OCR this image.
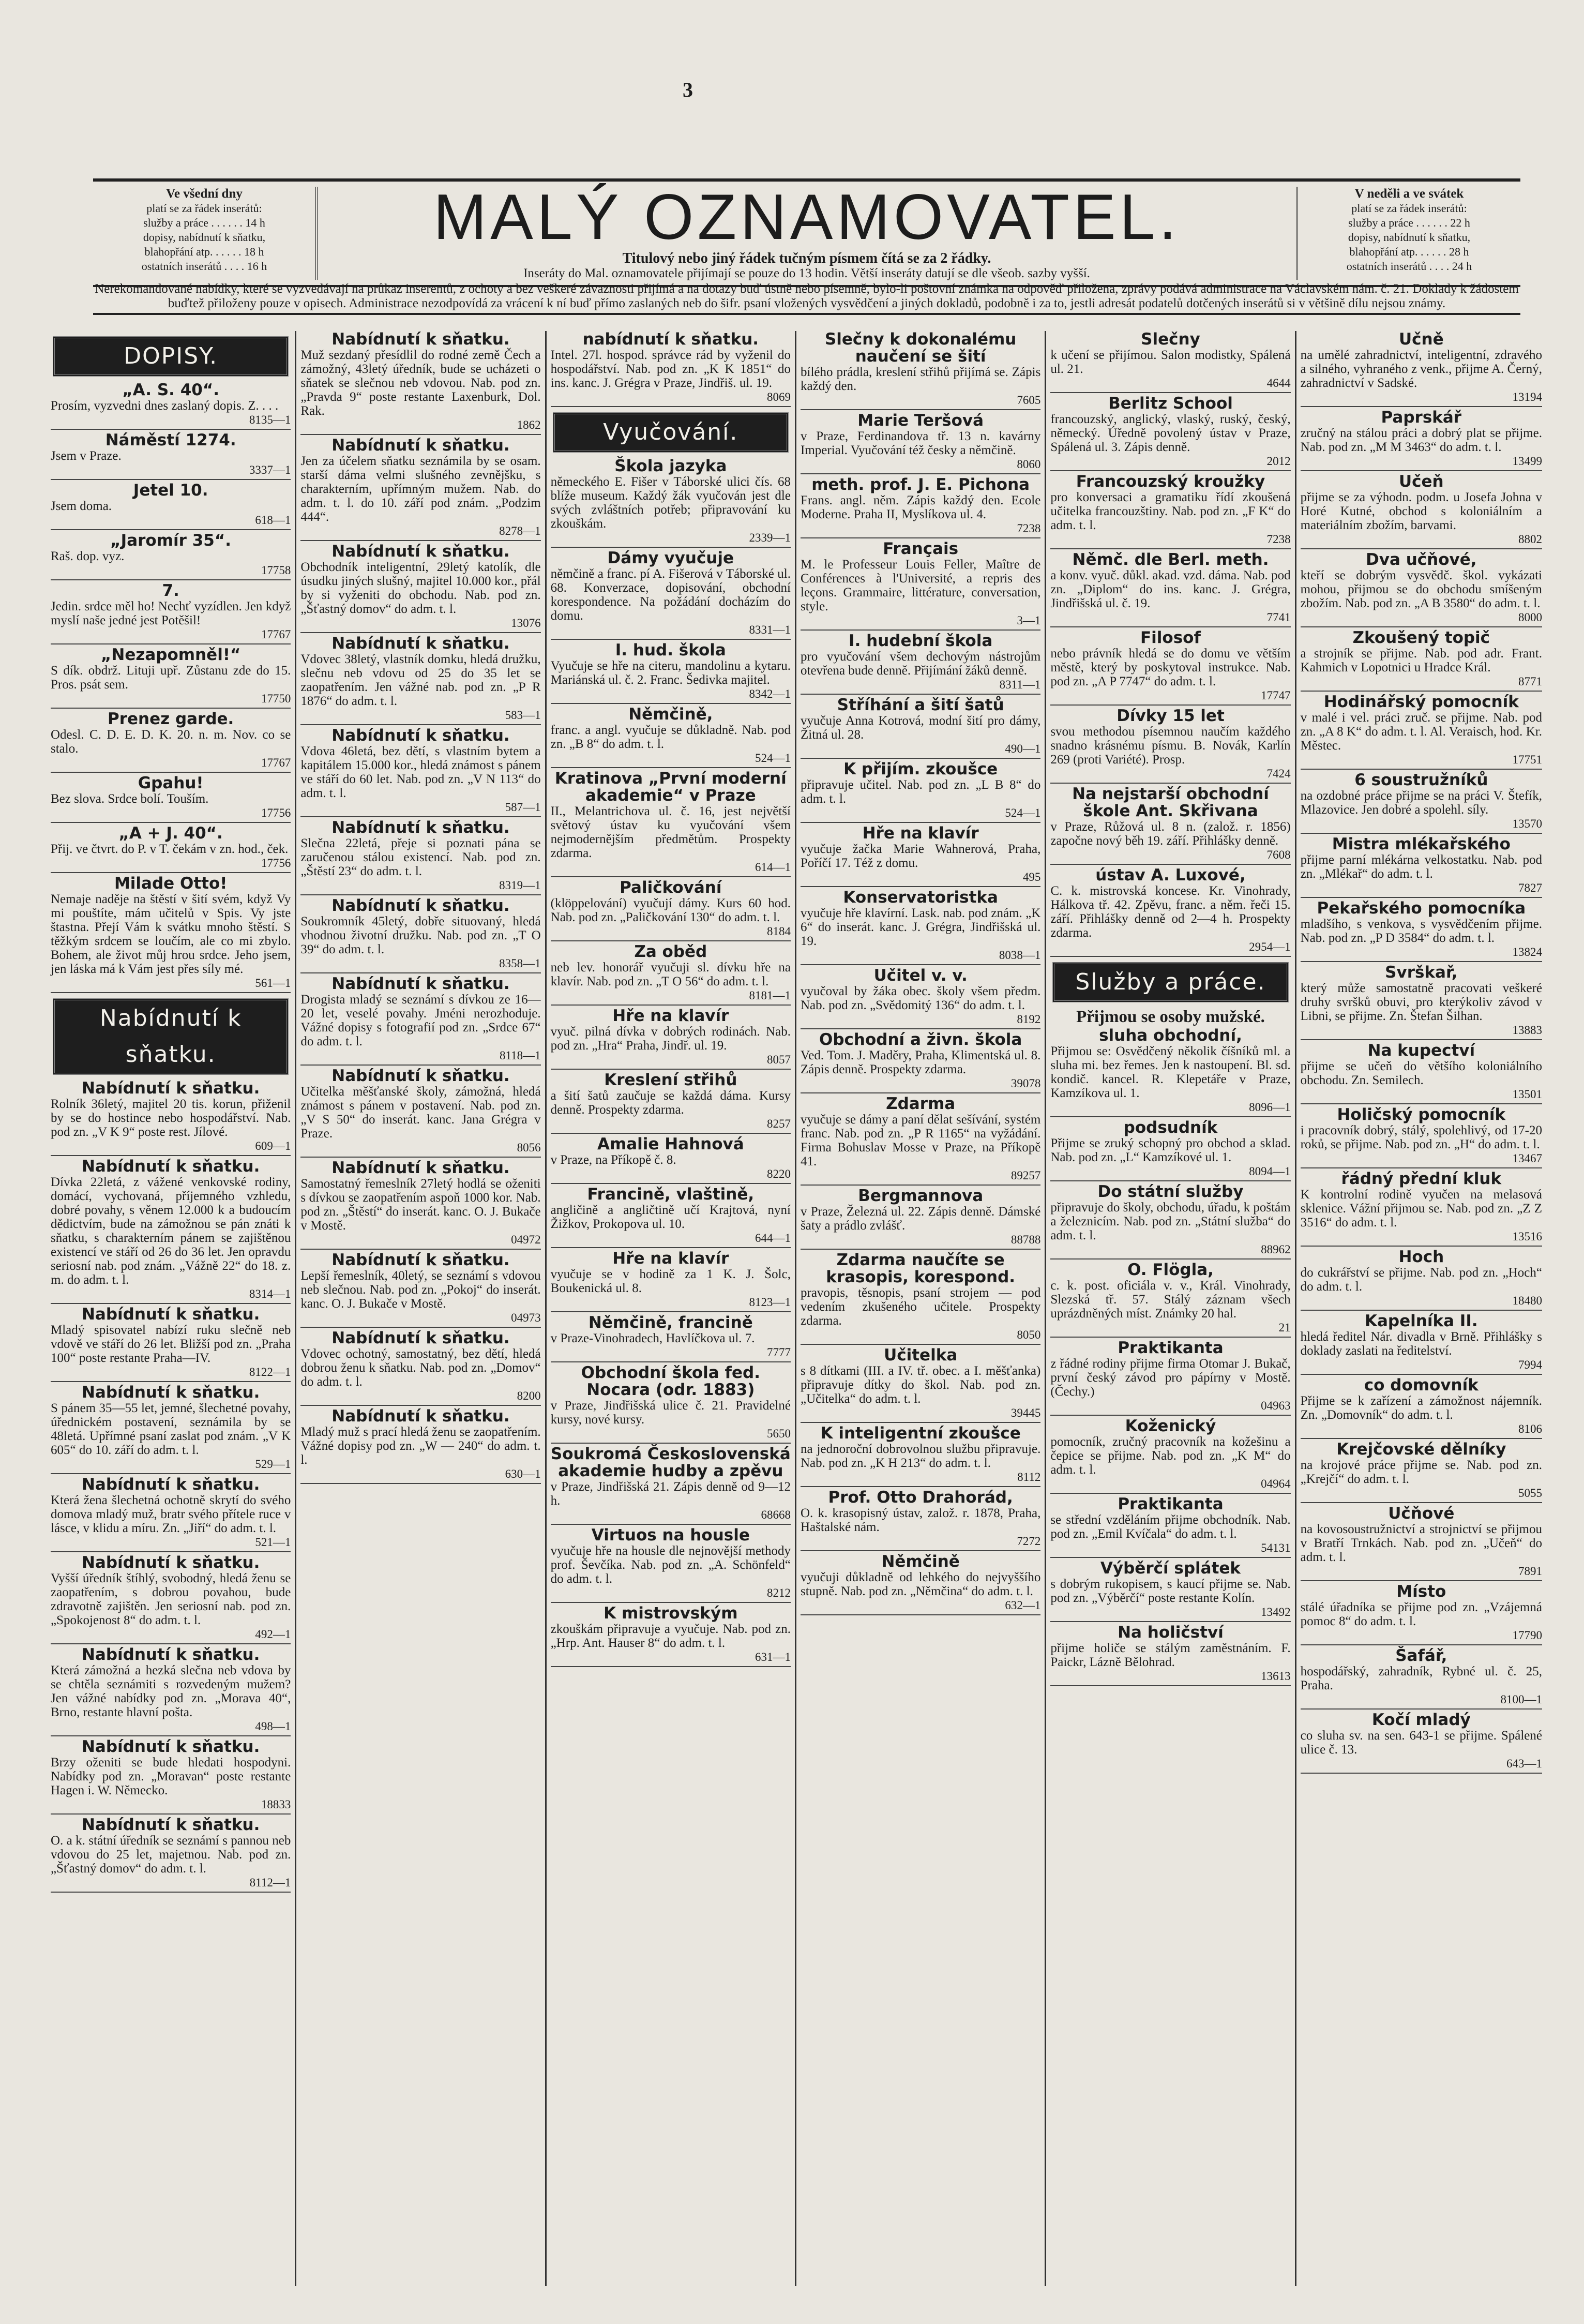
3
Ve všední dny
platí se za řádek inserátů:
služby a práce . . . . . . 14 h
dopisy, nabídnutí k sňatku,
blahopřání atp. . . . . . 18 h
ostatních inserátů . . . . 16 h
MALÝ OZNAMOVATEL.
Titulový nebo jiný řádek tučným písmem čítá se za 2 řádky.
Inseráty do Mal. oznamovatele přijímají se pouze do 13 hodin. Větší inseráty datují se dle všeob. sazby vyšší.
V neděli a ve svátek
platí se za řádek inserátů:
služby a práce . . . . . . 22 h
dopisy, nabídnutí k sňatku,
blahopřání atp. . . . . . 28 h
ostatních inserátů . . . . 24 h
Nerekomandované nabídky, které se vyzvedávají na průkaz inserentů, z ochoty a bez veškeré závaznosti přijímá a na dotazy buď ústně nebo písemně, bylo-li poštovní známka na odpověď přiložena, zprávy podává administrace na Václavském nám. č. 21. Doklady k žádostem buďtež přiloženy pouze v opisech. Administrace nezodpovídá za vrácení k ní buď přímo zaslaných neb do šifr. psaní vložených vysvědčení a jiných dokladů, podobně i za to, jestli adresát podatelů dotčených inserátů si v většině dílu nejsou známy.
DOPISY.
„A. S. 40“.
Prosím, vyzvedni dnes zaslaný dopis. Z. . . .
8135—1
Náměstí 1274.
Jsem v Praze.
3337—1
Jetel 10.
Jsem doma.
618—1
„Jaromír 35“.
Raš. dop. vyz.
17758
7.
Jedin. srdce měl ho! Nechť vyzídlen. Jen když myslí naše jedné jest Potěšil!
17767
„Nezapomněl!“
S dík. obdrž. Lituji upř. Zůstanu zde do 15. Pros. psát sem.
17750
Prenez garde.
Odesl. C. D. E. D. K. 20. n. m. Nov. co se stalo.
17767
Gpahu!
Bez slova. Srdce bolí. Touším.
17756
„A + J. 40“.
Přij. ve čtvrt. do P. v T. čekám v zn. hod., ček.
17756
Milade Otto!
Nemaje naděje na štěstí v šití svém, když Vy mi pouštíte, mám učitelů v Spis. Vy jste štastna. Přejí Vám k svátku mnoho štěstí. S těžkým srdcem se loučím, ale co mi zbylo. Bohem, ale život můj hrou srdce. Jeho jsem, jen láska má k Vám jest přes síly mé.
561—1
Nabídnutí k sňatku.
Nabídnutí k sňatku.
Rolník 36letý, majitel 20 tis. korun, přiženil by se do hostince nebo hospodářství. Nab. pod zn. „V K 9“ poste rest. Jílové.
609—1
Nabídnutí k sňatku.
Dívka 22letá, z vážené venkovské rodiny, domácí, vychovaná, příjemného vzhledu, dobré povahy, s věnem 12.000 k a budoucím dědictvím, bude na zámožnou se pán znáti k sňatku, s charakterním pánem se zajištěnou existencí ve stáří od 26 do 36 let. Jen opravdu seriosní nab. pod znám. „Vážně 22“ do 18. z. m. do adm. t. l.
8314—1
Nabídnutí k sňatku.
Mladý spisovatel nabízí ruku slečně neb vdově ve stáří do 26 let. Bližší pod zn. „Praha 100“ poste restante Praha—IV.
8122—1
Nabídnutí k sňatku.
S pánem 35—55 let, jemné, šlechetné povahy, úřednickém postavení, seznámila by se 48letá. Upřímné psaní zaslat pod znám. „V K 605“ do 10. září do adm. t. l.
529—1
Nabídnutí k sňatku.
Která žena šlechetná ochotně skrytí do svého domova mladý muž, bratr svého přítele ruce v lásce, v klidu a míru. Zn. „Jiří“ do adm. t. l.
521—1
Nabídnutí k sňatku.
Vyšší úředník štíhlý, svobodný, hledá ženu se zaopatřením, s dobrou povahou, bude zdravotně zajištěn. Jen seriosní nab. pod zn. „Spokojenost 8“ do adm. t. l.
492—1
Nabídnutí k sňatku.
Která zámožná a hezká slečna neb vdova by se chtěla seznámiti s rozvedeným mužem? Jen vážné nabídky pod zn. „Morava 40“, Brno, restante hlavní pošta.
498—1
Nabídnutí k sňatku.
Brzy oženiti se bude hledati hospodyni. Nabídky pod zn. „Moravan“ poste restante Hagen i. W. Německo.
18833
Nabídnutí k sňatku.
O. a k. státní úředník se seznámí s pannou neb vdovou do 25 let, majetnou. Nab. pod zn. „Šťastný domov“ do adm. t. l.
8112—1
Nabídnutí k sňatku.
Muž sezdaný přesídlil do rodné země Čech a zámožný, 43letý úředník, bude se ucházeti o sňatek se slečnou neb vdovou. Nab. pod zn. „Pravda 9“ poste restante Laxenburk, Dol. Rak.
1862
Nabídnutí k sňatku.
Jen za účelem sňatku seznámila by se osam. starší dáma velmi slušného zevnějšku, s charakterním, upřímným mužem. Nab. do adm. t. l. do 10. září pod znám. „Podzim 444“.
8278—1
Nabídnutí k sňatku.
Obchodník inteligentní, 29letý katolík, dle úsudku jiných slušný, majitel 10.000 kor., přál by si vyženiti do obchodu. Nab. pod zn. „Šťastný domov“ do adm. t. l.
13076
Nabídnutí k sňatku.
Vdovec 38letý, vlastník domku, hledá družku, slečnu neb vdovu od 25 do 35 let se zaopatřením. Jen vážné nab. pod zn. „P R 1876“ do adm. t. l.
583—1
Nabídnutí k sňatku.
Vdova 46letá, bez dětí, s vlastním bytem a kapitálem 15.000 kor., hledá známost s pánem ve stáří do 60 let. Nab. pod zn. „V N 113“ do adm. t. l.
587—1
Nabídnutí k sňatku.
Slečna 22letá, přeje si poznati pána se zaručenou stálou existencí. Nab. pod zn. „Štěstí 23“ do adm. t. l.
8319—1
Nabídnutí k sňatku.
Soukromník 45letý, dobře situovaný, hledá vhodnou životní družku. Nab. pod zn. „T O 39“ do adm. t. l.
8358—1
Nabídnutí k sňatku.
Drogista mladý se seznámí s dívkou ze 16—20 let, veselé povahy. Jméni nerozhoduje. Vážné dopisy s fotografií pod zn. „Srdce 67“ do adm. t. l.
8118—1
Nabídnutí k sňatku.
Učitelka měšťanské školy, zámožná, hledá známost s pánem v postavení. Nab. pod zn. „V S 50“ do inserát. kanc. Jana Grégra v Praze.
8056
Nabídnutí k sňatku.
Samostatný řemeslník 27letý hodlá se oženiti s dívkou se zaopatřením aspoň 1000 kor. Nab. pod zn. „Štěstí“ do inserát. kanc. O. J. Bukače v Mostě.
04972
Nabídnutí k sňatku.
Lepší řemeslník, 40letý, se seznámí s vdovou neb slečnou. Nab. pod zn. „Pokoj“ do inserát. kanc. O. J. Bukače v Mostě.
04973
Nabídnutí k sňatku.
Vdovec ochotný, samostatný, bez dětí, hledá dobrou ženu k sňatku. Nab. pod zn. „Domov“ do adm. t. l.
8200
Nabídnutí k sňatku.
Mladý muž s prací hledá ženu se zaopatřením. Vážné dopisy pod zn. „W — 240“ do adm. t. l.
630—1
nabídnutí k sňatku.
Intel. 27l. hospod. správce rád by vyženil do hospodářství. Nab. pod zn. „K K 1851“ do ins. kanc. J. Grégra v Praze, Jindřiš. ul. 19.
8069
Vyučování.
Škola jazyka
německého E. Fišer v Táborské ulici čís. 68 blíže museum. Každý žák vyučován jest dle svých zvláštních potřeb; připravování ku zkouškám.
2339—1
Dámy vyučuje
němčině a franc. pí A. Fišerová v Táborské ul. 68. Konverzace, dopisování, obchodní korespondence. Na požádání docházím do domu.
8331—1
I. hud. škola
Vyučuje se hře na citeru, mandolinu a kytaru. Mariánská ul. č. 2. Franc. Šedivka majitel.
8342—1
Němčině,
franc. a angl. vyučuje se důkladně. Nab. pod zn. „B 8“ do adm. t. l.
524—1
Kratinova „První moderní akademie“ v Praze
II., Melantrichova ul. č. 16, jest největší světový ústav ku vyučování všem nejmodernějším předmětům. Prospekty zdarma.
614—1
Paličkování
(klöppelování) vyučují dámy. Kurs 60 hod. Nab. pod zn. „Paličkování 130“ do adm. t. l.
8184
Za oběd
neb lev. honorář vyučuji sl. dívku hře na klavír. Nab. pod zn. „T O 56“ do adm. t. l.
8181—1
Hře na klavír
vyuč. pilná dívka v dobrých rodinách. Nab. pod zn. „Hra“ Praha, Jindř. ul. 19.
8057
Kreslení střihů
a šití šatů zaučuje se každá dáma. Kursy denně. Prospekty zdarma.
8257
Amalie Hahnová
v Praze, na Příkopě č. 8.
8220
Francině, vlaštině,
angličině a angličtině učí Krajtová, nyní Žižkov, Prokopova ul. 10.
644—1
Hře na klavír
vyučuje se v hodině za 1 K. J. Šolc, Boukenická ul. 8.
8123—1
Němčině, francině
v Praze-Vinohradech, Havlíčkova ul. 7.
7777
Obchodní škola fed. Nocara (odr. 1883)
v Praze, Jindřišská ulice č. 21. Pravidelné kursy, nové kursy.
5650
Soukromá Československá akademie hudby a zpěvu
v Praze, Jindřišská 21. Zápis denně od 9—12 h.
68668
Virtuos na housle
vyučuje hře na housle dle nejnovější methody prof. Ševčíka. Nab. pod zn. „A. Schönfeld“ do adm. t. l.
8212
K mistrovským
zkouškám připravuje a vyučuje. Nab. pod zn. „Hrp. Ant. Hauser 8“ do adm. t. l.
631—1
Slečny k dokonalému naučení se šití
bílého prádla, kreslení střihů přijímá se. Zápis každý den.
7605
Marie Teršová
v Praze, Ferdinandova tř. 13 n. kavárny Imperial. Vyučování též česky a němčině.
8060
meth. prof. J. E. Pichona
Frans. angl. něm. Zápis každý den. Ecole Moderne. Praha II, Myslíkova ul. 4.
7238
Français
M. le Professeur Louis Feller, Maître de Conférences à l'Université, a repris des leçons. Grammaire, littérature, conversation, style.
3—1
I. hudební škola
pro vyučování všem dechovým nástrojům otevřena bude denně. Přijímání žáků denně.
8311—1
Stříhání a šití šatů
vyučuje Anna Kotrová, modní šití pro dámy, Žitná ul. 28.
490—1
K přijím. zkoušce
připravuje učitel. Nab. pod zn. „L B 8“ do adm. t. l.
524—1
Hře na klavír
vyučuje žačka Marie Wahnerová, Praha, Poříčí 17. Též z domu.
495
Konservatoristka
vyučuje hře klavírní. Lask. nab. pod znám. „K 6“ do inserát. kanc. J. Grégra, Jindřišská ul. 19.
8038—1
Učitel v. v.
vyučoval by žáka obec. školy všem předm. Nab. pod zn. „Svědomitý 136“ do adm. t. l.
8192
Obchodní a živn. škola
Ved. Tom. J. Maděry, Praha, Klimentská ul. 8. Zápis denně. Prospekty zdarma.
39078
Zdarma
vyučuje se dámy a paní dělat sešívání, systém franc. Nab. pod zn. „P R 1165“ na vyžádání. Firma Bohuslav Mosse v Praze, na Příkopě 41.
89257
Bergmannova
v Praze, Železná ul. 22. Zápis denně. Dámské šaty a prádlo zvlášť.
88788
Zdarma naučíte se krasopis, korespond.
pravopis, těsnopis, psaní strojem — pod vedením zkušeného učitele. Prospekty zdarma.
8050
Učitelka
s 8 dítkami (III. a IV. tř. obec. a I. měšťanka) připravuje dítky do škol. Nab. pod zn. „Učitelka“ do adm. t. l.
39445
K inteligentní zkoušce
na jednoroční dobrovolnou službu připravuje. Nab. pod zn. „K H 213“ do adm. t. l.
8112
Prof. Otto Drahorád,
O. k. krasopisný ústav, založ. r. 1878, Praha, Haštalské nám.
7272
Němčině
vyučuji důkladně od lehkého do nejvyššího stupně. Nab. pod zn. „Němčina“ do adm. t. l.
632—1
Slečny
k učení se přijímou. Salon modistky, Spálená ul. 21.
4644
Berlitz School
francouzský, anglický, vlaský, ruský, český, německý. Úředně povolený ústav v Praze, Spálená ul. 3. Zápis denně.
2012
Francouzský kroužky
pro konversaci a gramatiku řídí zkoušená učitelka francouzštiny. Nab. pod zn. „F K“ do adm. t. l.
7238
Němč. dle Berl. meth.
a konv. vyuč. důkl. akad. vzd. dáma. Nab. pod zn. „Diplom“ do ins. kanc. J. Grégra, Jindřišská ul. č. 19.
7741
Filosof
nebo právník hledá se do domu ve větším městě, který by poskytoval instrukce. Nab. pod zn. „A P 7747“ do adm. t. l.
17747
Dívky 15 let
svou methodou písemnou naučím každého snadno krásnému písmu. B. Novák, Karlín 269 (proti Variété). Prosp.
7424
Na nejstarší obchodní škole Ant. Skřivana
v Praze, Růžová ul. 8 n. (založ. r. 1856) započne nový běh 19. září. Přihlášky denně.
7608
ústav A. Luxové,
C. k. mistrovská koncese. Kr. Vinohrady, Hálkova tř. 42. Zpěvu, franc. a něm. řeči 15. září. Přihlášky denně od 2—4 h. Prospekty zdarma.
2954—1
Služby a práce.
Přijmou se osoby mužské.
sluha obchodní,
Přijmou se: Osvědčený několik číšníků ml. a sluha mi. bez řemes. Jen k nastoupení. Bl. sd. kondič. kancel. R. Klepetáře v Praze, Kamzíkova ul. 1.
8096—1
podsudník
Přijme se zruký schopný pro obchod a sklad. Nab. pod zn. „L“ Kamzíkové ul. 1.
8094—1
Do státní služby
připravuje do školy, obchodu, úřadu, k poštám a železnicím. Nab. pod zn. „Státní služba“ do adm. t. l.
88962
O. Flögla,
c. k. post. oficiála v. v., Král. Vinohrady, Slezská tř. 57. Stálý záznam všech uprázdněných míst. Známky 20 hal.
21
Praktikanta
z řádné rodiny přijme firma Otomar J. Bukač, první český závod pro pápírny v Mostě. (Čechy.)
04963
Koženický
pomocník, zručný pracovník na kožešinu a čepice se přijme. Nab. pod zn. „K M“ do adm. t. l.
04964
Praktikanta
se střední vzděláním přijme obchodník. Nab. pod zn. „Emil Kvíčala“ do adm. t. l.
54131
Výběrčí splátek
s dobrým rukopisem, s kaucí přijme se. Nab. pod zn. „Výběrčí“ poste restante Kolín.
13492
Na holičství
přijme holiče se stálým zaměstnáním. F. Paickr, Lázně Bělohrad.
13613
Učně
na umělé zahradnictví, inteligentní, zdravého a silného, vyhraného z venk., přijme A. Černý, zahradnictví v Sadské.
13194
Paprskář
zručný na stálou práci a dobrý plat se přijme. Nab. pod zn. „M M 3463“ do adm. t. l.
13499
Učeň
přijme se za výhodn. podm. u Josefa Johna v Horé Kutné, obchod s koloniálním a materiálním zbožím, barvami.
8802
Dva učňové,
kteří se dobrým vysvědč. škol. vykázati mohou, přijmou se do obchodu smíšeným zbožím. Nab. pod zn. „A B 3580“ do adm. t. l.
8000
Zkoušený topič
a strojník se přijme. Nab. pod adr. Frant. Kahmich v Lopotnici u Hradce Král.
8771
Hodinářský pomocník
v malé i vel. práci zruč. se přijme. Nab. pod zn. „A 8 K“ do adm. t. l. Al. Veraisch, hod. Kr. Městec.
17751
6 soustružníků
na ozdobné práce přijme se na práci V. Štefík, Mlazovice. Jen dobré a spolehl. síly.
13570
Mistra mlékařského
přijme parní mlékárna velkostatku. Nab. pod zn. „Mlékař“ do adm. t. l.
7827
Pekařského pomocníka
mladšího, s venkova, s vysvědčením přijme. Nab. pod zn. „P D 3584“ do adm. t. l.
13824
Svrškař,
který může samostatně pracovati veškeré druhy svršků obuvi, pro kterýkoliv závod v Libni, se přijme. Zn. Štefan Šilhan.
13883
Na kupectví
přijme se učeň do většího koloniálního obchodu. Zn. Semilech.
13501
Holičský pomocník
i pracovník dobrý, stálý, spolehlivý, od 17-20 roků, se přijme. Nab. pod zn. „H“ do adm. t. l.
13467
řádný přední kluk
K kontrolní rodině vyučen na melasová sklenice. Vážní přijmou se. Nab. pod zn. „Z Z 3516“ do adm. t. l.
13516
Hoch
do cukrářství se přijme. Nab. pod zn. „Hoch“ do adm. t. l.
18480
Kapelníka II.
hledá ředitel Nár. divadla v Brně. Přihlášky s doklady zaslati na ředitelství.
7994
co domovník
Přijme se k zařízení a zámožnost nájemník. Zn. „Domovník“ do adm. t. l.
8106
Krejčovské dělníky
na krojové práce přijme se. Nab. pod zn. „Krejčí“ do adm. t. l.
5055
Učňové
na kovosoustružnictví a strojnictví se přijmou v Bratří Trnkách. Nab. pod zn. „Učeň“ do adm. t. l.
7891
Místo
stálé úřadníka se přijme pod zn. „Vzájemná pomoc 8“ do adm. t. l.
17790
Šafář,
hospodářský, zahradník, Rybné ul. č. 25, Praha.
8100—1
Kočí mladý
co sluha sv. na sen. 643-1 se přijme. Spálené ulice č. 13.
643—1
